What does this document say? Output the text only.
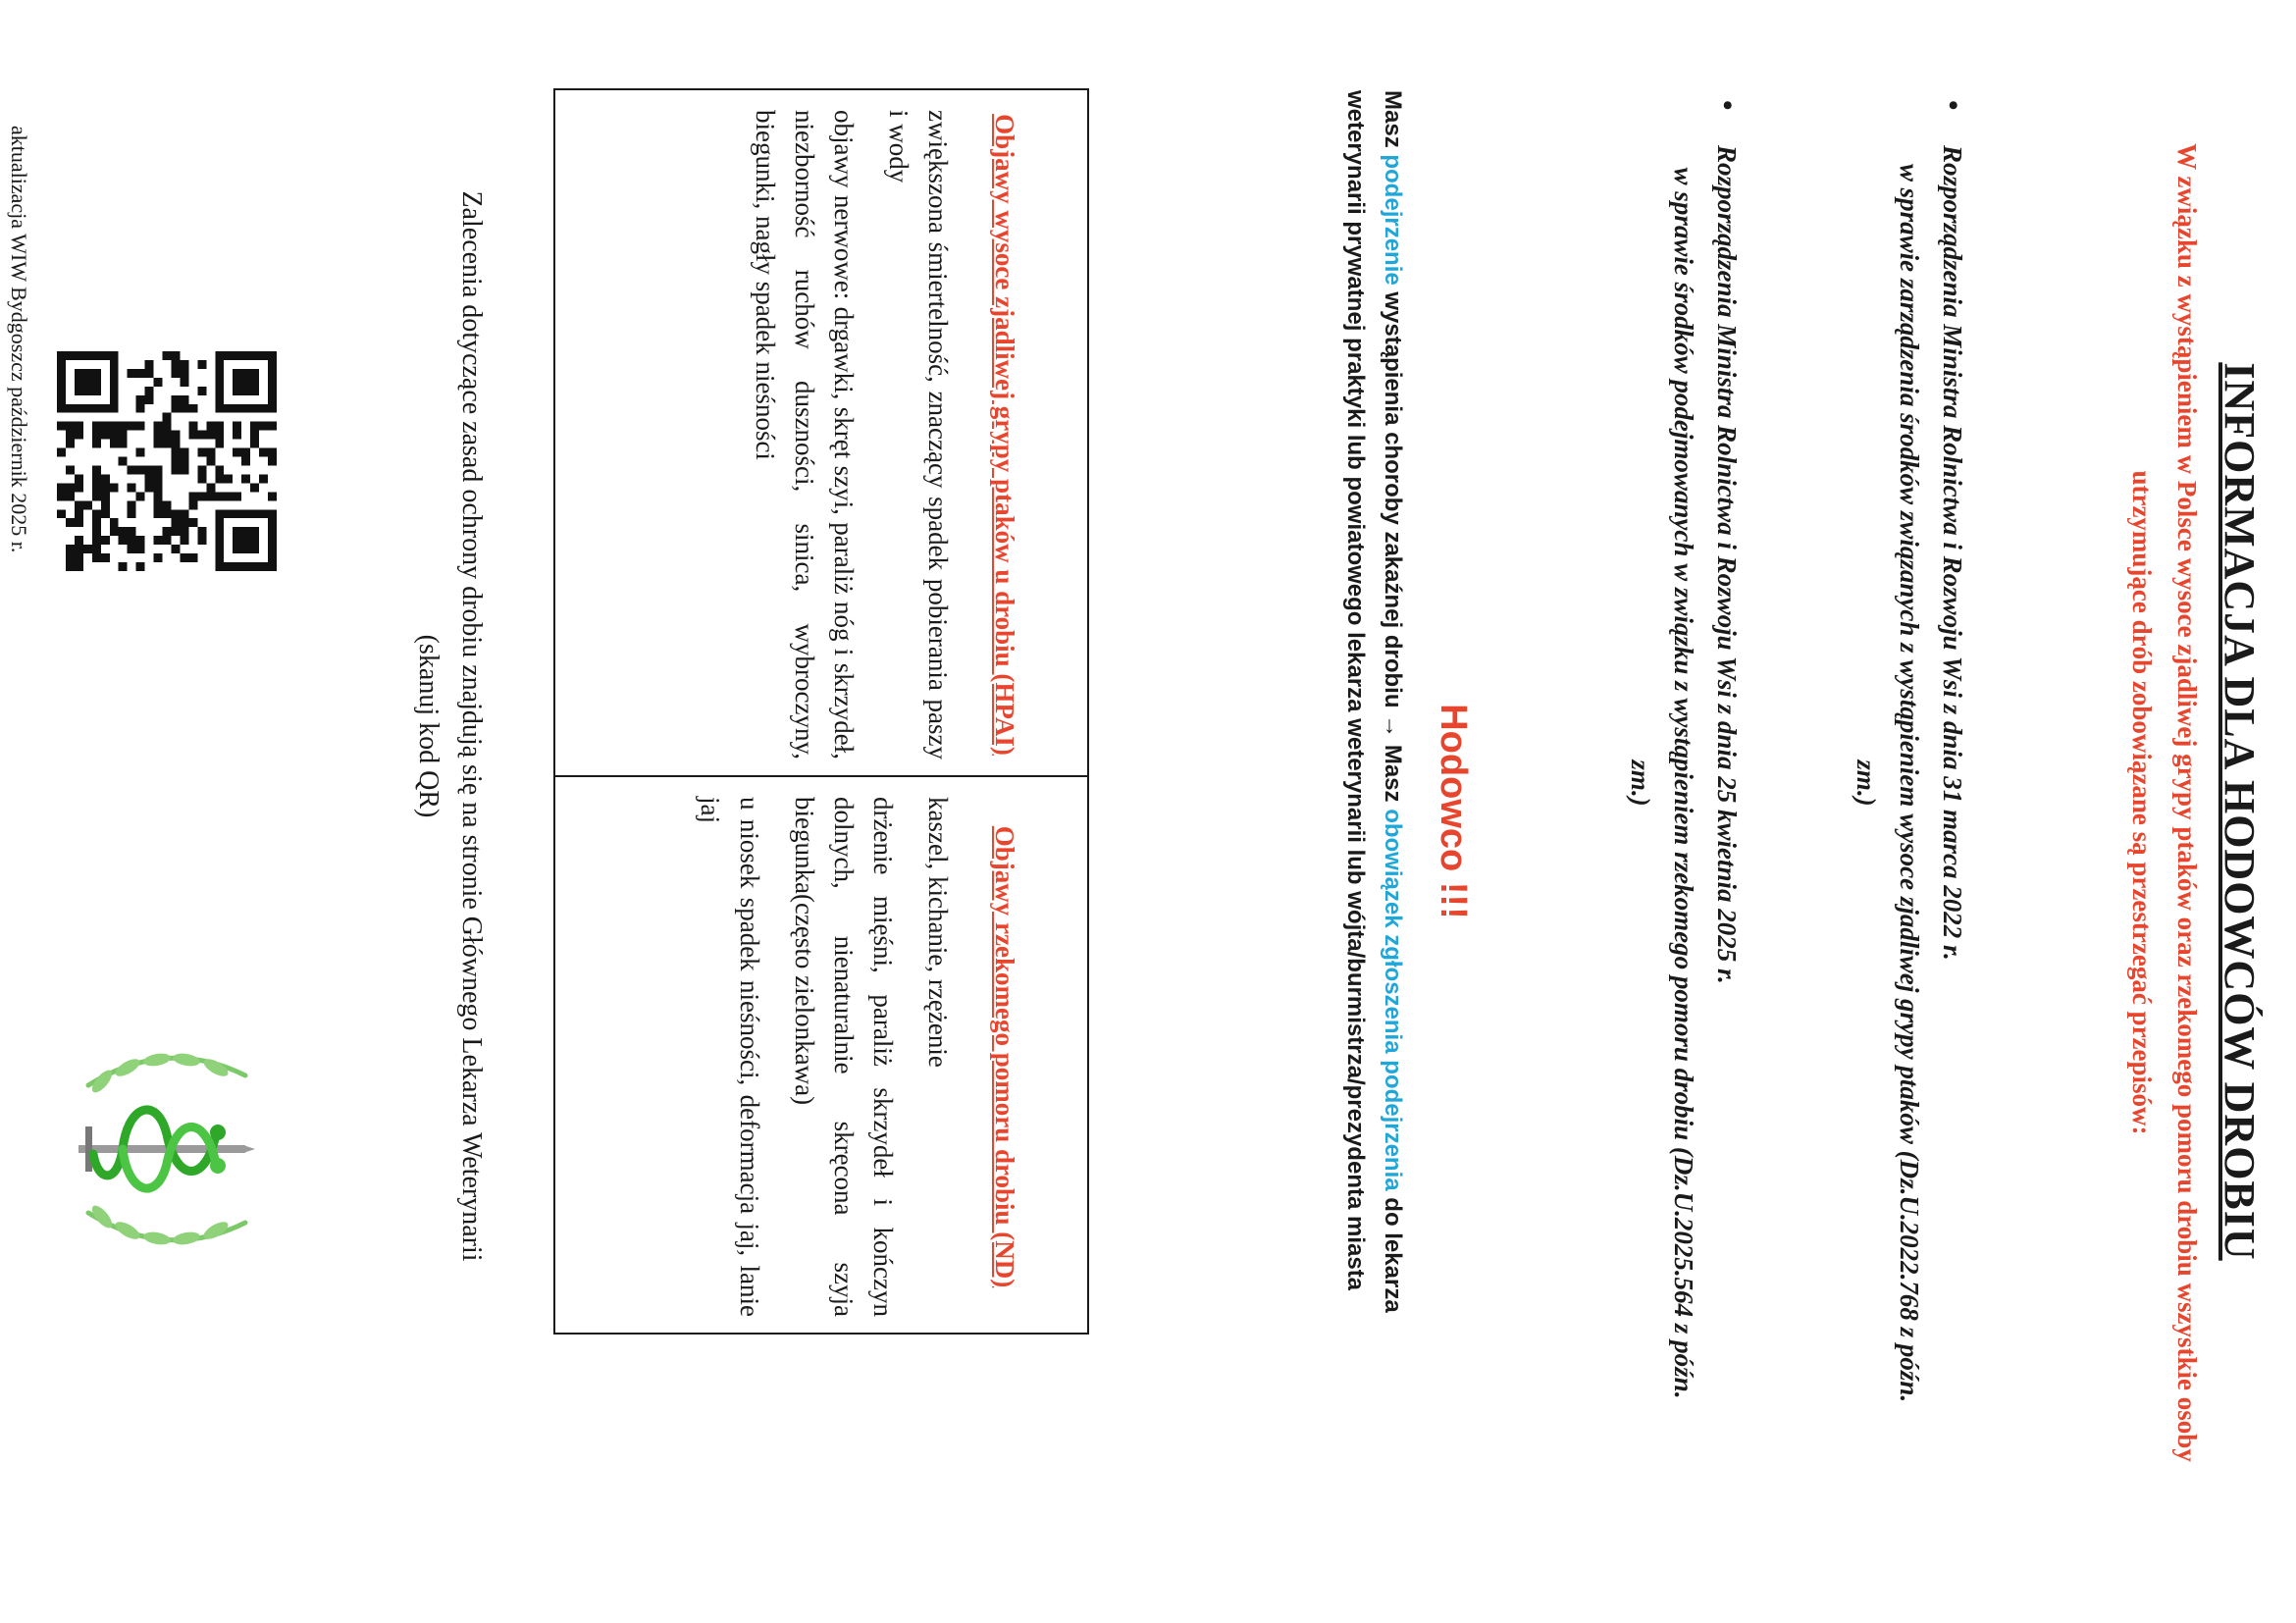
INFORMACJA DLA HODOWCÓW DROBIU
W związku z wystąpieniem w Polsce wysoce zjadliwej grypy ptaków oraz rzekomego pomoru drobiu wszystkie osoby utrzymujące drób zobowiązane są przestrzegać przepisów:
•
Rozporządzenia Ministra Rolnictwa i Rozwoju Wsi z dnia 31 marca 2022 r.
w sprawie zarządzenia środków związanych z wystąpieniem wysoce zjadliwej grypy ptaków (Dz.U.2022.768 z późn. zm.)
•
Rozporządzenia Ministra Rolnictwa i Rozwoju Wsi z dnia 25 kwietnia 2025 r.
w sprawie środków podejmowanych w związku z wystąpieniem rzekomego pomoru drobiu (Dz.U.2025.564 z późn. zm.)
Hodowco !!!
Masz podejrzenie wystąpienia choroby zakaźnej drobiu → Masz obowiązek zgłoszenia podejrzenia do lekarza weterynarii prywatnej praktyki lub powiatowego lekarza weterynarii lub wójta/burmistrza/prezydenta miasta
Objawy wysoce zjadliwej grypy ptaków u drobiu (HPAI)

zwiększona śmiertelność, znaczący spadek pobierania paszy i wody

objawy nerwowe: drgawki, skręt szyi, paraliż nóg i skrzydeł, niezborność ruchów duszności, sinica, wybroczyny, biegunki, nagły spadek nieśności

Objawy rzekomego pomoru drobiu (ND)

kaszel, kichanie, rzężenie

drżenie mięśni, paraliż skrzydeł i kończyn dolnych, nienaturalnie skręcona szyja biegunka(często zielonkawa)

u niosek spadek nieśności, deformacja jaj, lanie jaj

Zalecenia dotyczące zasad ochrony drobiu znajdują się na stronie Głównego Lekarza Weterynarii (skanuj kod QR)
aktualizacja WIW Bydgoszcz październik 2025 r.
